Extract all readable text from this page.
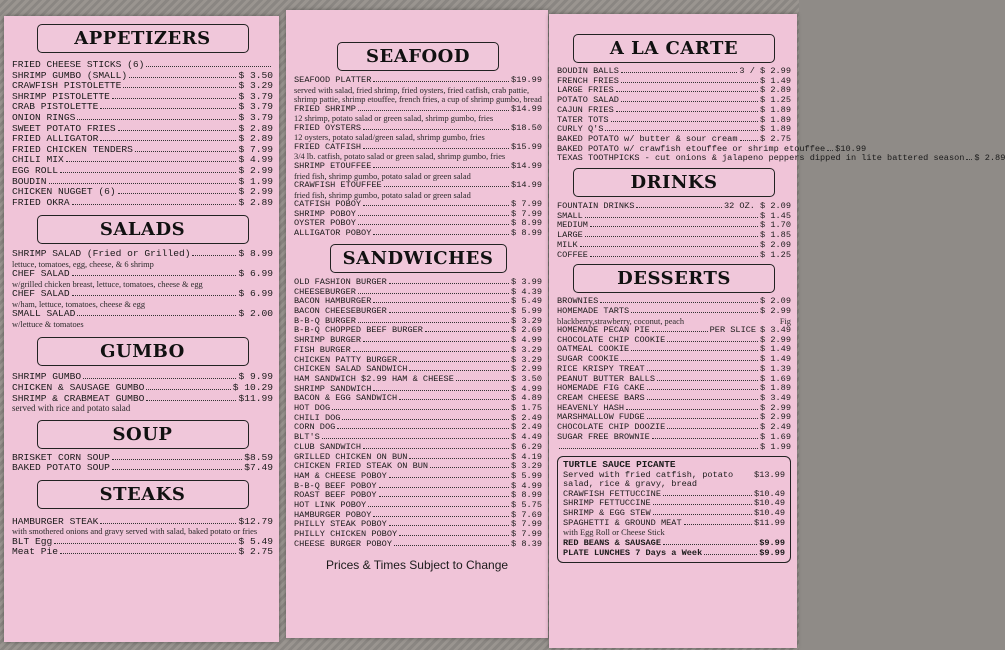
APPETIZERS
FRIED CHEESE STICKS (6)
SHRIMP GUMBO (SMALL)	$ 3.50
CRAWFISH PISTOLETTE	$ 3.29
SHRIMP PISTOLETTE	$ 3.79
CRAB PISTOLETTE	$ 3.79
ONION RINGS	$ 3.79
SWEET POTATO FRIES	$ 2.89
FRIED ALLIGATOR	$ 2.89
FRIED CHICKEN TENDERS	$ 7.99
CHILI MIX	$ 4.99
EGG ROLL	$ 2.99
BOUDIN	$ 1.99
CHICKEN NUGGET (6)	$ 2.99
FRIED OKRA	$ 2.89
SALADS
SHRIMP SALAD (Fried or Grilled)	$ 8.99
lettuce, tomatoes, egg, cheese, & 6 shrimp
CHEF SALAD	$ 6.99
w/grilled chicken breast, lettuce, tomatoes, cheese & egg
CHEF SALAD	$ 6.99
w/ham, lettuce, tomatoes, cheese & egg
SMALL SALAD	$ 2.00
w/lettuce & tomatoes
GUMBO
SHRIMP GUMBO	$ 9.99
CHICKEN & SAUSAGE GUMBO	$ 10.29
SHRIMP & CRABMEAT GUMBO	$11.99
served with rice and potato salad
SOUP
BRISKET CORN SOUP	$8.59
BAKED POTATO SOUP	$7.49
STEAKS
HAMBURGER STEAK	$12.79
with smothered onions and gravy served with salad, baked potato or fries
BLT Egg	$ 5.49
Meat Pie	$ 2.75
SEAFOOD
SEAFOOD PLATTER	$19.99
served with salad, fried shrimp, fried oysters, fried catfish, crab pattie, shrimp pattie, shrimp etouffee, french fries, a cup of shrimp gumbo, bread
FRIED SHRIMP	$14.99
12 shrimp, potato salad or green salad, shrimp gumbo, fries
FRIED OYSTERS	$18.50
12 oysters, potato salad/green salad, shrimp gumbo, fries
FRIED CATFISH	$15.99
3/4 lb. catfish, potato salad or green salad, shrimp gumbo, fries
SHRIMP ETOUFFEE	$14.99
fried fish, shrimp gumbo, potato salad or green salad
CRAWFISH ETOUFFEE	$14.99
fried fish, shrimp gumbo, potato salad or green salad
CATFISH POBOY	$ 7.99
SHRIMP POBOY	$ 7.99
OYSTER POBOY	$ 8.99
ALLIGATOR POBOY	$ 8.99
SANDWICHES
OLD FASHION BURGER	$ 3.99
CHEESEBURGER	$ 4.39
BACON HAMBURGER	$ 5.49
BACON CHEESEBURGER	$ 5.99
B-B-Q BURGER	$ 3.29
B-B-Q CHOPPED BEEF BURGER	$ 2.69
SHRIMP BURGER	$ 4.99
FISH BURGER	$ 3.29
CHICKEN PATTY BURGER	$ 3.29
CHICKEN SALAD SANDWICH	$ 2.99
HAM SANDWICH $2.99 HAM & CHEESE	$ 3.50
SHRIMP SANDWICH	$ 4.99
BACON & EGG SANDWICH	$ 4.89
HOT DOG	$ 1.75
CHILI DOG	$ 2.49
CORN DOG	$ 2.49
BLT'S	$ 4.49
CLUB SANDWICH	$ 6.29
GRILLED CHICKEN ON BUN	$ 4.19
CHICKEN FRIED STEAK ON BUN	$ 3.29
HAM & CHEESE POBOY	$ 5.99
B-B-Q BEEF POBOY	$ 4.99
ROAST BEEF POBOY	$ 8.99
HOT LINK POBOY	$ 5.75
HAMBURGER POBOY	$ 7.69
PHILLY STEAK POBOY	$ 7.99
PHILLY CHICKEN POBOY	$ 7.99
CHEESE BURGER POBOY	$ 8.39
Prices & Times Subject to Change
A LA CARTE
BOUDIN BALLS	3 / $ 2.99
FRENCH FRIES	$ 1.49
LARGE FRIES	$ 2.89
POTATO SALAD	$ 1.25
CAJUN FRIES	$ 1.89
TATER TOTS	$ 1.89
CURLY Q'S	$ 1.89
BAKED POTATO w/ butter & sour cream	$ 2.75
BAKED POTATO w/ crawfish etouffee or shrimp etouffee $10.99
TEXAS TOOTHPICKS - cut onions & jalapeno peppers dipped in lite battered season $ 2.89
DRINKS
FOUNTAIN DRINKS	32 OZ. $ 2.09
SMALL	$ 1.45
MEDIUM	$ 1.70
LARGE	$ 1.85
MILK	$ 2.09
COFFEE	$ 1.25
DESSERTS
BROWNIES	$ 2.09
HOMEMADE TARTS	$ 2.99
blackberry,strawberry, coconut, peach	Fig
HOMEMADE PECAN PIE	PER SLICE $ 3.49
CHOCOLATE CHIP COOKIE	$ 2.99
OATMEAL COOKIE	$ 1.49
SUGAR COOKIE	$ 1.49
RICE KRISPY TREAT	$ 1.39
PEANUT BUTTER BALLS	$ 1.69
HOMEMADE FIG CAKE	$ 1.89
CREAM CHEESE BARS	$ 3.49
HEAVENLY HASH	$ 2.99
MARSHMALLOW FUDGE	$ 2.99
CHOCOLATE CHIP DOOZIE	$ 2.49
SUGAR FREE BROWNIE	$ 1.69
$ 1.99
TURTLE SAUCE PICANTE
Served with fried catfish, potato salad, rice & gravy, bread
$13.99
CRAWFISH FETTUCCINE	$10.49
SHRIMP FETTUCCINE	$10.49
SHRIMP & EGG STEW	$10.49
SPAGHETTI & GROUND MEAT	$11.99
with Egg Roll or Cheese Stick
RED BEANS & SAUSAGE	$9.99
PLATE LUNCHES 7 Days a Week	$9.99
